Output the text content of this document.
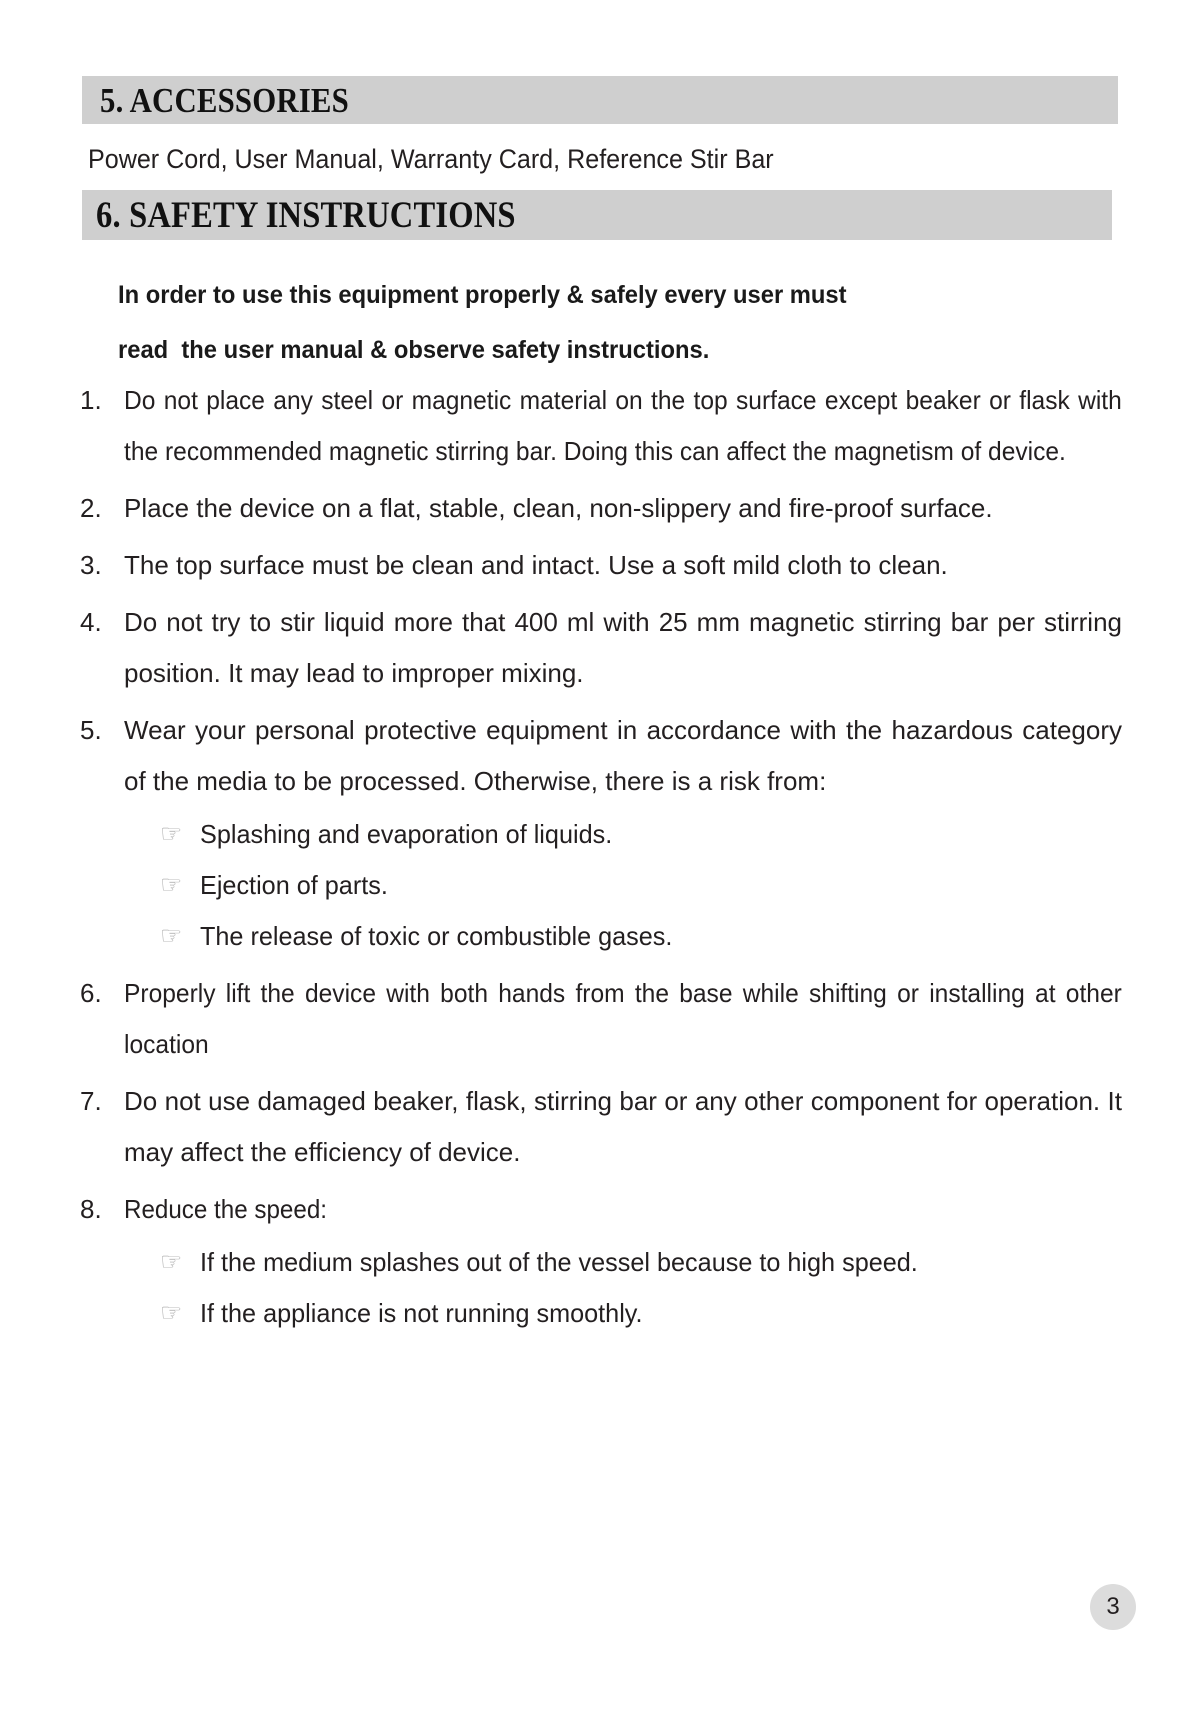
5. ACCESSORIES
Power Cord, User Manual, Warranty Card, Reference Stir Bar
6. SAFETY INSTRUCTIONS
In order to use this equipment properly & safely every user must
read  the user manual & observe safety instructions.
1. Do not place any steel or magnetic material on the top surface except beaker or flask with the recommended magnetic stirring bar. Doing this can affect the magnetism of device.
2. Place the device on a flat, stable, clean, non-slippery and fire-proof surface.
3. The top surface must be clean and intact. Use a soft mild cloth to clean.
4. Do not try to stir liquid more that 400 ml with 25 mm magnetic stirring bar per stirring position. It may lead to improper mixing.
5. Wear your personal protective equipment in accordance with the hazardous category of the media to be processed. Otherwise, there is a risk from:
☞ Splashing and evaporation of liquids.
☞ Ejection of parts.
☞ The release of toxic or combustible gases.
6. Properly lift the device with both hands from the base while shifting or installing at other location
7. Do not use damaged beaker, flask, stirring bar or any other component for operation. It may affect the efficiency of device.
8. Reduce the speed:
☞ If the medium splashes out of the vessel because to high speed.
☞ If the appliance is not running smoothly.
3
